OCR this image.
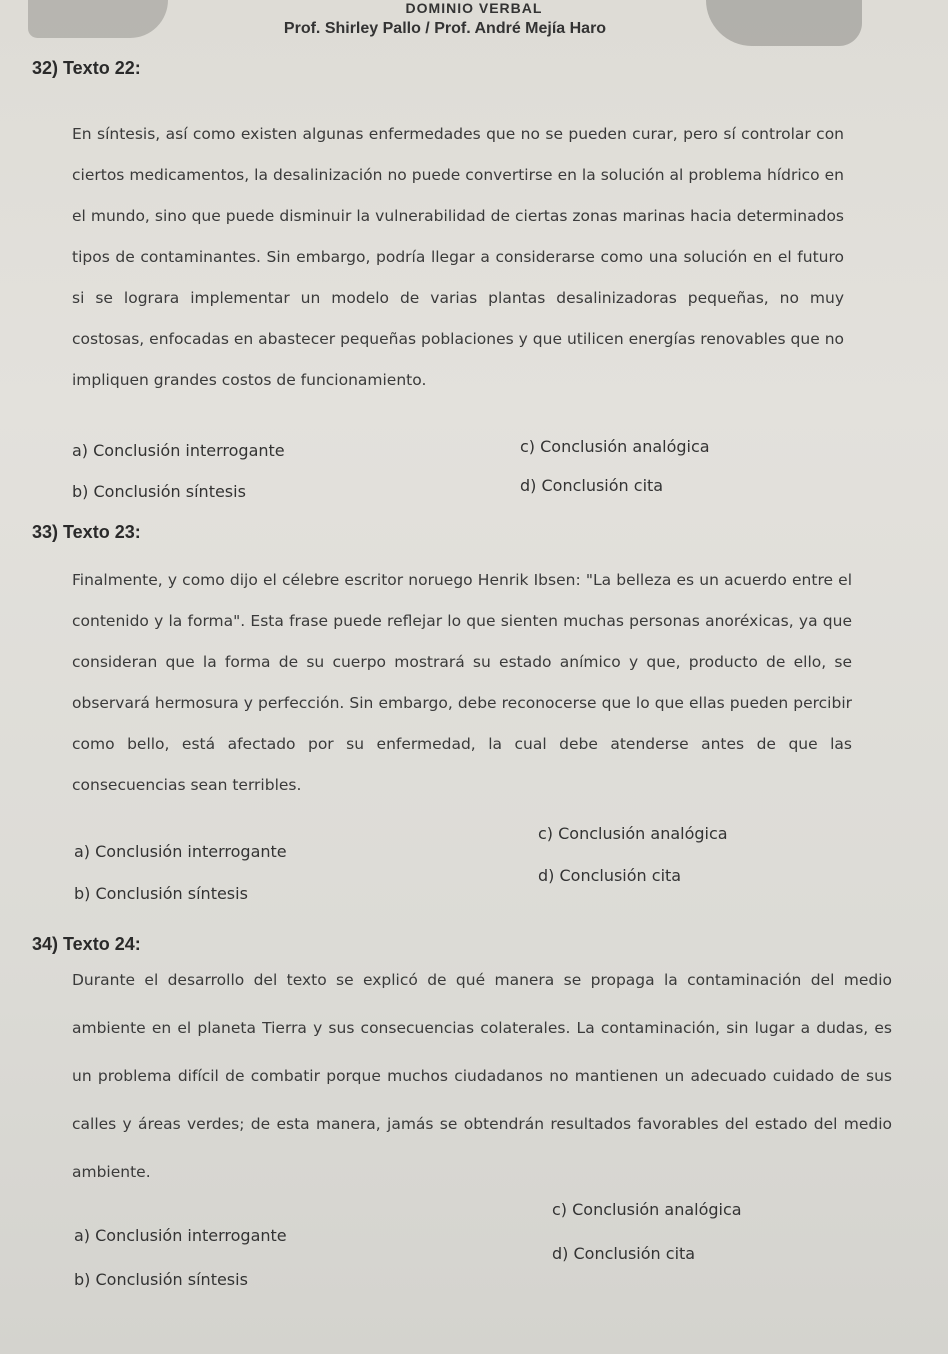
DOMINIO VERBAL
Prof. Shirley Pallo / Prof. André Mejía Haro
32) Texto 22:
En síntesis, así como existen algunas enfermedades que no se pueden curar, pero sí controlar con ciertos medicamentos, la desalinización no puede convertirse en la solución al problema hídrico en el mundo, sino que puede disminuir la vulnerabilidad de ciertas zonas marinas hacia determinados tipos de contaminantes. Sin embargo, podría llegar a considerarse como una solución en el futuro si se lograra implementar un modelo de varias plantas desalinizadoras pequeñas, no muy costosas, enfocadas en abastecer pequeñas poblaciones y que utilicen energías renovables que no impliquen grandes costos de funcionamiento.
a) Conclusión interrogante
b) Conclusión síntesis
c) Conclusión analógica
d) Conclusión cita
33) Texto 23:
Finalmente, y como dijo el célebre escritor noruego Henrik Ibsen: "La belleza es un acuerdo entre el contenido y la forma". Esta frase puede reflejar lo que sienten muchas personas anoréxicas, ya que consideran que la forma de su cuerpo mostrará su estado anímico y que, producto de ello, se observará hermosura y perfección. Sin embargo, debe reconocerse que lo que ellas pueden percibir como bello, está afectado por su enfermedad, la cual debe atenderse antes de que las consecuencias sean terribles.
a) Conclusión interrogante
b) Conclusión síntesis
c) Conclusión analógica
d) Conclusión cita
34) Texto 24:
Durante el desarrollo del texto se explicó de qué manera se propaga la contaminación del medio ambiente en el planeta Tierra y sus consecuencias colaterales. La contaminación, sin lugar a dudas, es un problema difícil de combatir porque muchos ciudadanos no mantienen un adecuado cuidado de sus calles y áreas verdes; de esta manera, jamás se obtendrán resultados favorables del estado del medio ambiente.
a) Conclusión interrogante
b) Conclusión síntesis
c) Conclusión analógica
d) Conclusión cita
